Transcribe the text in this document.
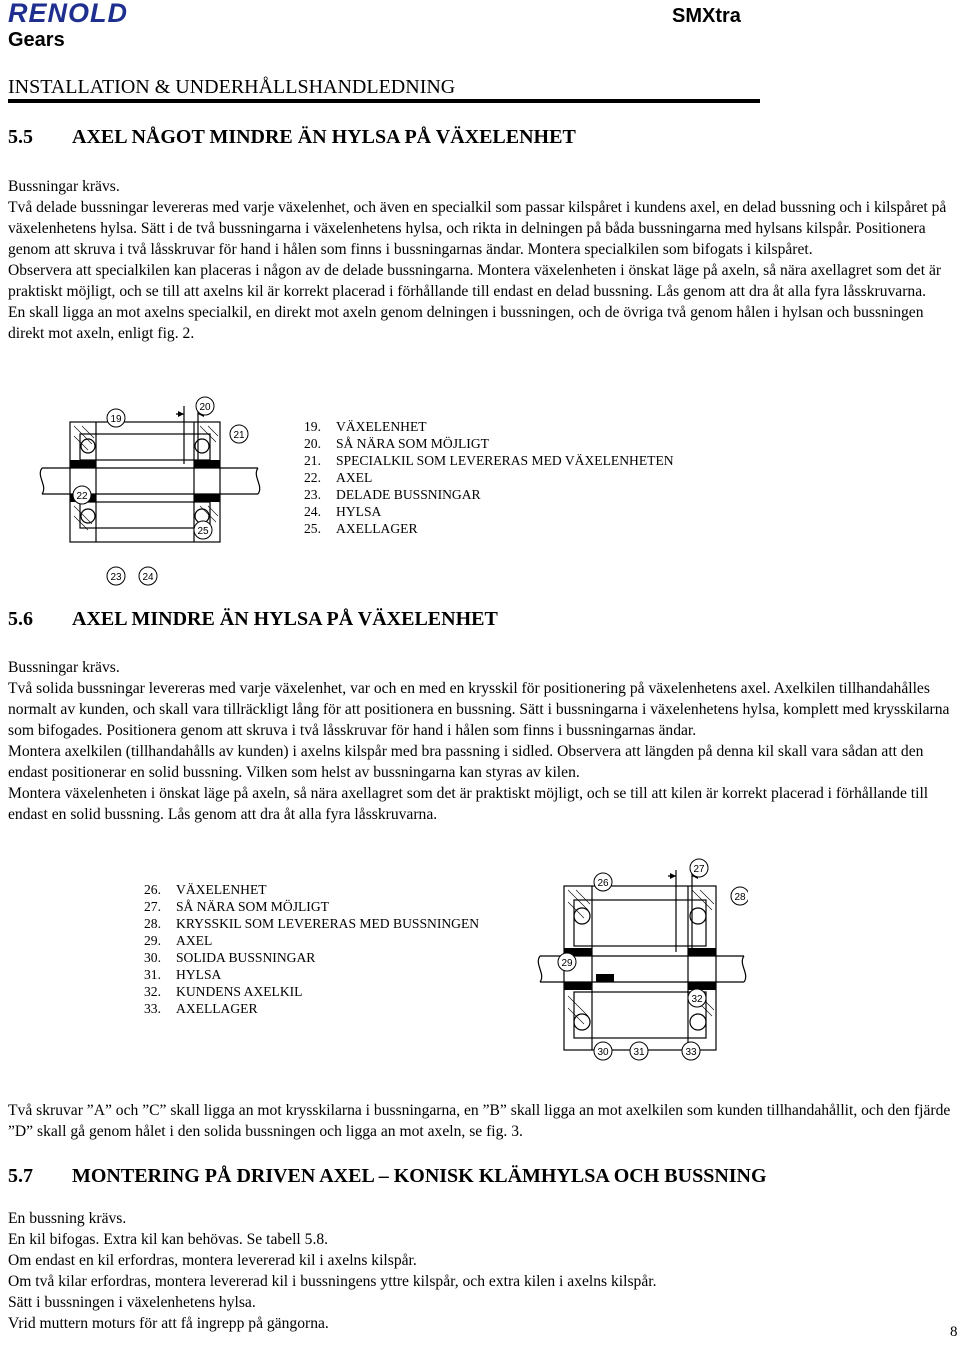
RENOLD
Gears
SMXtra
INSTALLATION & UNDERHÅLLSHANDLEDNING
5.5 AXEL NÅGOT MINDRE ÄN HYLSA PÅ VÄXELENHET

Bussningar krävs.

Två delade bussningar levereras med varje växelenhet, och även en specialkil som passar kilspåret i kundens axel, en delad bussning och i kilspåret på växelenhetens hylsa. Sätt i de två bussningarna i växelenhetens hylsa, och rikta in delningen på båda bussningarna med hylsans kilspår. Positionera genom att skruva i två låsskruvar för hand i hålen som finns i bussningarnas ändar. Montera specialkilen som bifogats i kilspåret.

Observera att specialkilen kan placeras i någon av de delade bussningarna. Montera växelenheten i önskat läge på axeln, så nära axellagret som det är praktiskt möjligt, och se till att axelns kil är korrekt placerad i förhållande till endast en delad bussning. Lås genom att dra åt alla fyra låsskruvarna.

En skall ligga an mot axelns specialkil, en direkt mot axeln genom delningen i bussningen, och de övriga två genom hålen i hylsan och bussningen direkt mot axeln, enligt fig. 2.

19
20
21
22
23 24
25
19. VÄXELENHET
20. SÅ NÄRA SOM MÖJLIGT
21. SPECIALKIL SOM LEVERERAS MED VÄXELENHETEN
22. AXEL
23. DELADE BUSSNINGAR
24. HYLSA
25. AXELLAGER
5.6 AXEL MINDRE ÄN HYLSA PÅ VÄXELENHET

Bussningar krävs.

Två solida bussningar levereras med varje växelenhet, var och en med en krysskil för positionering på växelenhetens axel. Axelkilen tillhandahålles normalt av kunden, och skall vara tillräckligt lång för att positionera en bussning. Sätt i bussningarna i växelenhetens hylsa, komplett med krysskilarna som bifogades. Positionera genom att skruva i två låsskruvar för hand i hålen som finns i bussningarnas ändar.

Montera axelkilen (tillhandahålls av kunden) i axelns kilspår med bra passning i sidled. Observera att längden på denna kil skall vara sådan att den endast positionerar en solid bussning. Vilken som helst av bussningarna kan styras av kilen.

Montera växelenheten i önskat läge på axeln, så nära axellagret som det är praktiskt möjligt, och se till att kilen är korrekt placerad i förhållande till endast en solid bussning. Lås genom att dra åt alla fyra låsskruvarna.

26. VÄXELENHET
27. SÅ NÄRA SOM MÖJLIGT
28. KRYSSKIL SOM LEVERERAS MED BUSSNINGEN
29. AXEL
30. SOLIDA BUSSNINGAR
31. HYLSA
32. KUNDENS AXELKIL
33. AXELLAGER
26
27
28
29
30 31
32
33

Två skruvar ”A” och ”C” skall ligga an mot krysskilarna i bussningarna, en ”B” skall ligga an mot axelkilen som kunden tillhandahållit, och den fjärde ”D” skall gå genom hålet i den solida bussningen och ligga an mot axeln, se fig. 3.

5.7 MONTERING PÅ DRIVEN AXEL – KONISK KLÄMHYLSA OCH BUSSNING

En bussning krävs.

En kil bifogas. Extra kil kan behövas. Se tabell 5.8.

Om endast en kil erfordras, montera levererad kil i axelns kilspår.

Om två kilar erfordras, montera levererad kil i bussningens yttre kilspår, och extra kilen i axelns kilspår.

Sätt i bussningen i växelenhetens hylsa.

Vrid muttern moturs för att få ingrepp på gängorna.	8
